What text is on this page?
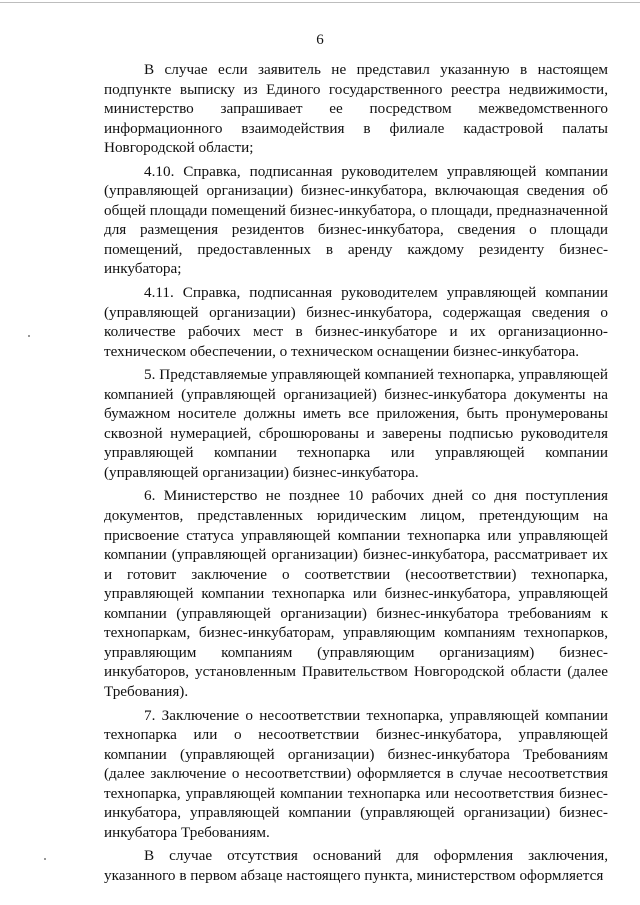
6

В случае если заявитель не представил указанную в настоящем подпункте выписку из Единого государственного реестра недвижимости, министерство запрашивает ее посредством межведомственного информационного взаимодействия в филиале кадастровой палаты Новгородской области;

4.10. Справка, подписанная руководителем управляющей компании (управляющей организации) бизнес-инкубатора, включающая сведения об общей площади помещений бизнес-инкубатора, о площади, предназначенной для размещения резидентов бизнес-инкубатора, сведения о площади помещений, предоставленных в аренду каждому резиденту бизнес-инкубатора;

4.11. Справка, подписанная руководителем управляющей компании (управляющей организации) бизнес-инкубатора, содержащая сведения о количестве рабочих мест в бизнес-инкубаторе и их организационно-техническом обеспечении, о техническом оснащении бизнес-инкубатора.

5. Представляемые управляющей компанией технопарка, управляющей компанией (управляющей организацией) бизнес-инкубатора документы на бумажном носителе должны иметь все приложения, быть пронумерованы сквозной нумерацией, сброшюрованы и заверены подписью руководителя управляющей компании технопарка или управляющей компании (управляющей организации) бизнес-инкубатора.

6. Министерство не позднее 10 рабочих дней со дня поступления документов, представленных юридическим лицом, претендующим на присвоение статуса управляющей компании технопарка или управляющей компании (управляющей организации) бизнес-инкубатора, рассматривает их и готовит заключение о соответствии (несоответствии) технопарка, управляющей компании технопарка или бизнес-инкубатора, управляющей компании (управляющей организации) бизнес-инкубатора требованиям к технопаркам, бизнес-инкубаторам, управляющим компаниям технопарков, управляющим компаниям (управляющим организациям) бизнес-инкубаторов, установленным Правительством Новгородской области (далее Требования).

7. Заключение о несоответствии технопарка, управляющей компании технопарка или о несоответствии бизнес-инкубатора, управляющей компании (управляющей организации) бизнес-инкубатора Требованиям (далее заключение о несоответствии) оформляется в случае несоответствия технопарка, управляющей компании технопарка или несоответствия бизнес-инкубатора, управляющей компании (управляющей организации) бизнес-инкубатора Требованиям.

В случае отсутствия оснований для оформления заключения, указанного в первом абзаце настоящего пункта, министерством оформляется
